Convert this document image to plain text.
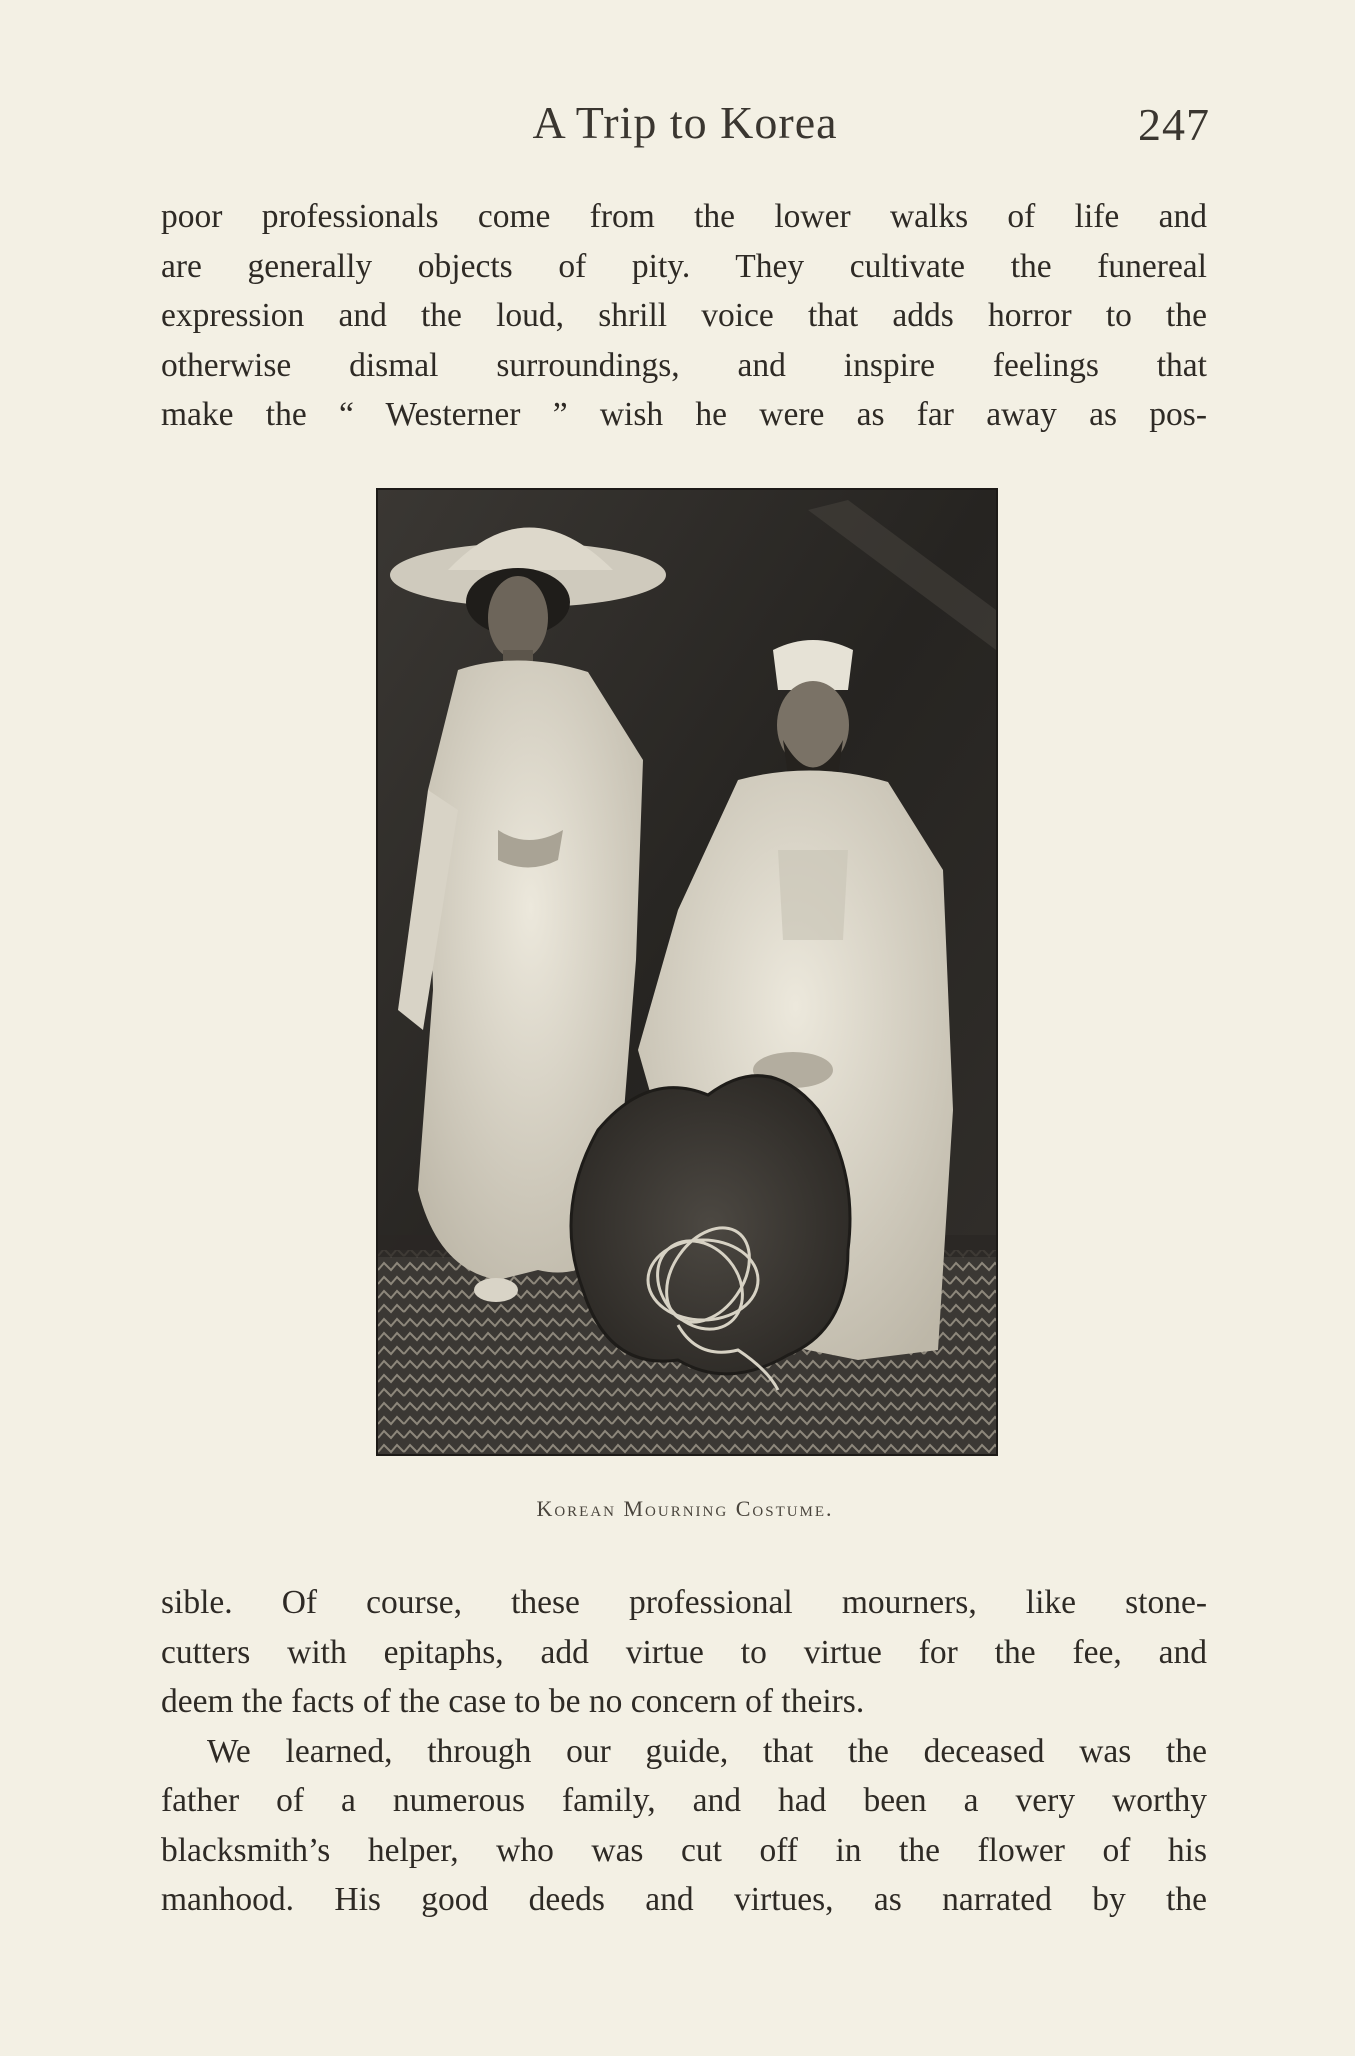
A Trip to Korea	247
poor professionals come from the lower walks of life and
are generally objects of pity. They cultivate the funereal
expression and the loud, shrill voice that adds horror to the
otherwise dismal surroundings, and inspire feelings that
make the “ Westerner ” wish he were as far away as pos-
Korean Mourning Costume.
sible. Of course, these professional mourners, like stone-
cutters with epitaphs, add virtue to virtue for the fee, and
deem the facts of the case to be no concern of theirs.
We learned, through our guide, that the deceased was the
father of a numerous family, and had been a very worthy
blacksmith’s helper, who was cut off in the flower of his
manhood. His good deeds and virtues, as narrated by the
